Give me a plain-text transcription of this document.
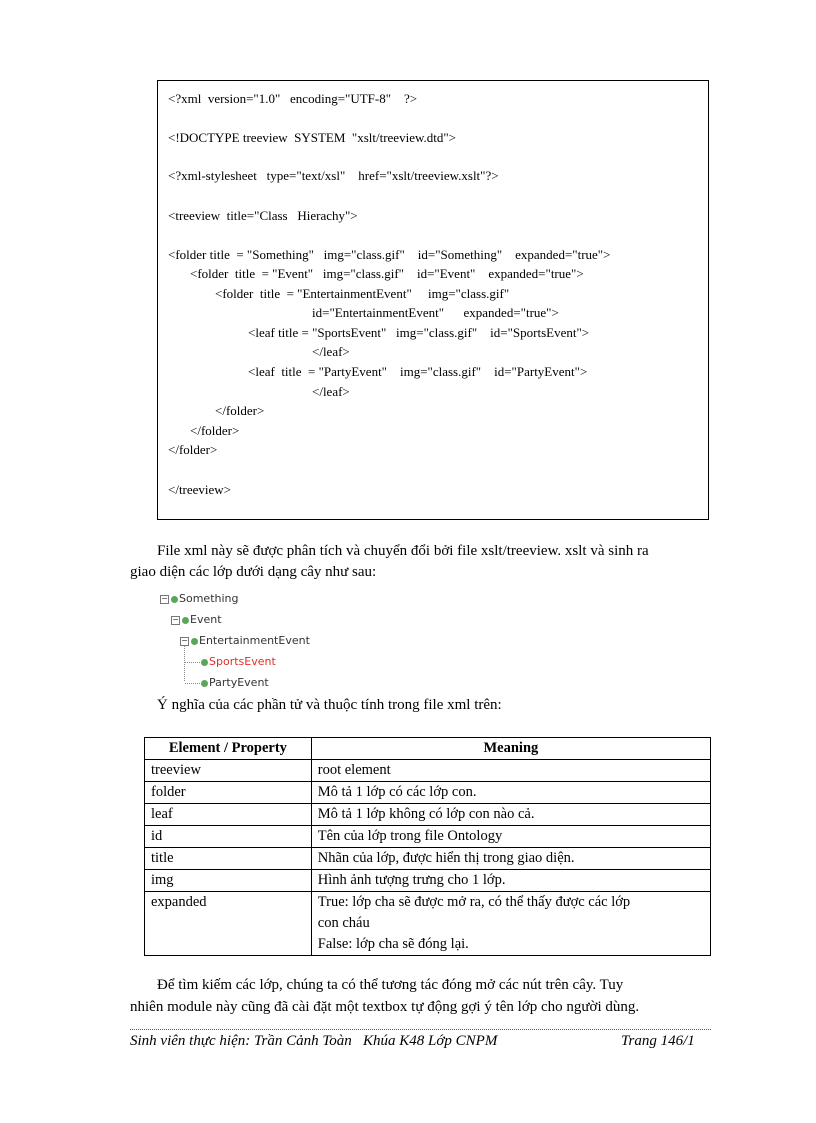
<?xml  version="1.0"   encoding="UTF-8"    ?>
<!DOCTYPE treeview  SYSTEM  "xslt/treeview.dtd">
<?xml-stylesheet   type="text/xsl"    href="xslt/treeview.xslt"?>
<treeview  title="Class   Hierachy">
<folder title  = "Something"   img="class.gif"    id="Something"    expanded="true">
<folder  title  = "Event"   img="class.gif"    id="Event"    expanded="true">
<folder  title  = "EntertainmentEvent"     img="class.gif"
id="EntertainmentEvent"      expanded="true">
<leaf title = "SportsEvent"   img="class.gif"    id="SportsEvent">
</leaf>
<leaf  title  = "PartyEvent"    img="class.gif"    id="PartyEvent">
</leaf>
</folder>
</folder>
</folder>
</treeview>
File xml này sẽ được phân tích và chuyển đổi bởi file xslt/treeview. xslt và sinh ra
giao diện các lớp dưới dạng cây như sau:
− Something
− Event
− EntertainmentEvent
SportsEvent
PartyEvent
Ý nghĩa của các phần tử và thuộc tính trong file xml trên:
Element / Property	Meaning
treeview	root element
folder	Mô tả 1 lớp có các lớp con.
leaf	Mô tả 1 lớp không có lớp con nào cả.
id	Tên của lớp trong file Ontology
title	Nhãn của lớp, được hiển thị trong giao diện.
img	Hình ảnh tượng trưng cho 1 lớp.
expanded	True: lớp cha sẽ được mở ra, có thể thấy được các lớp
con cháu
False: lớp cha sẽ đóng lại.
Để tìm kiếm các lớp, chúng ta có thể tương tác đóng mở các nút trên cây. Tuy
nhiên module này cũng đã cài đặt một textbox tự động gợi ý tên lớp cho người dùng.
Sinh viên thực hiện: Trần Cảnh Toàn   Khúa K48 Lớp CNPM	Trang 146/1
